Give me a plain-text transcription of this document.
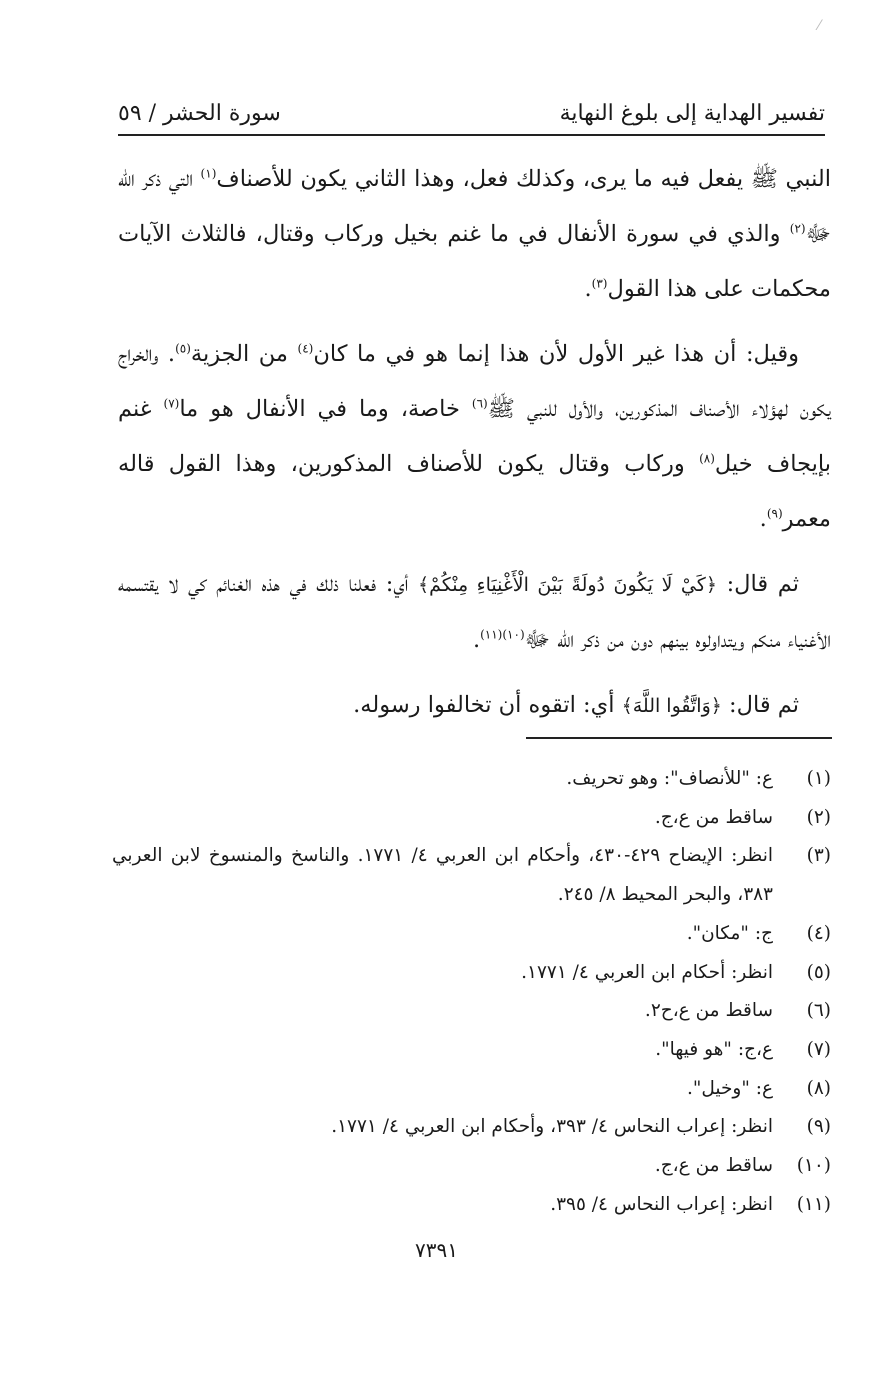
⁄
تفسير الهداية إلى بلوغ النهاية
سورة الحشر / ٥٩

النبي ﷺ يفعل فيه ما يرى، وكذلك فعل، وهذا الثاني يكون للأصناف$^{(١)}$ التي ذكر الله ﷻ$^{(٢)}$ والذي في سورة الأنفال في ما غنم بخيل وركاب وقتال، فالثلاث الآيات محكمات على هذا القول$^{(٣)}$.

وقيل: أن هذا غير الأول لأن هذا إنما هو في ما كان$^{(٤)}$ من الجزية$^{(٥)}$. والخراج يكون لهؤلاء الأصناف المذكورين، والأول للنبي ﷺ$^{(٦)}$ خاصة، وما في الأنفال هو ما$^{(٧)}$ غنم بإيجاف خيل$^{(٨)}$ وركاب وقتال يكون للأصناف المذكورين، وهذا القول قاله معمر$^{(٩)}$.

ثم قال: ﴿كَيْ لَا يَكُونَ دُولَةً بَيْنَ الْأَغْنِيَاءِ مِنْكُمْ﴾ أي: فعلنا ذلك في هذه الغنائم كي لا يقتسمه الأغنياء منكم ويتداولوه بينهم دون من ذكر الله ﷻ$^{(١٠)(١١)}$.

ثم قال: ﴿وَاتَّقُوا اللَّهَ﴾ أي: اتقوه أن تخالفوا رسوله.

(١)
ع: "للأنصاف": وهو تحريف.
(٢)
ساقط من ع،ج.
(٣)
انظر: الإيضاح ٤٢٩-٤٣٠، وأحكام ابن العربي ٤/ ١٧٧١. والناسخ والمنسوخ لابن العربي ٣٨٣، والبحر المحيط ٨/ ٢٤٥.
(٤)
ج: "مكان".
(٥)
انظر: أحكام ابن العربي ٤/ ١٧٧١.
(٦)
ساقط من ع،ح٢.
(٧)
ع،ج: "هو فيها".
(٨)
ع: "وخيل".
(٩)
انظر: إعراب النحاس ٤/ ٣٩٣، وأحكام ابن العربي ٤/ ١٧٧١.
(١٠)
ساقط من ع،ج.
(١١)
انظر: إعراب النحاس ٤/ ٣٩٥.
٧٣٩١
